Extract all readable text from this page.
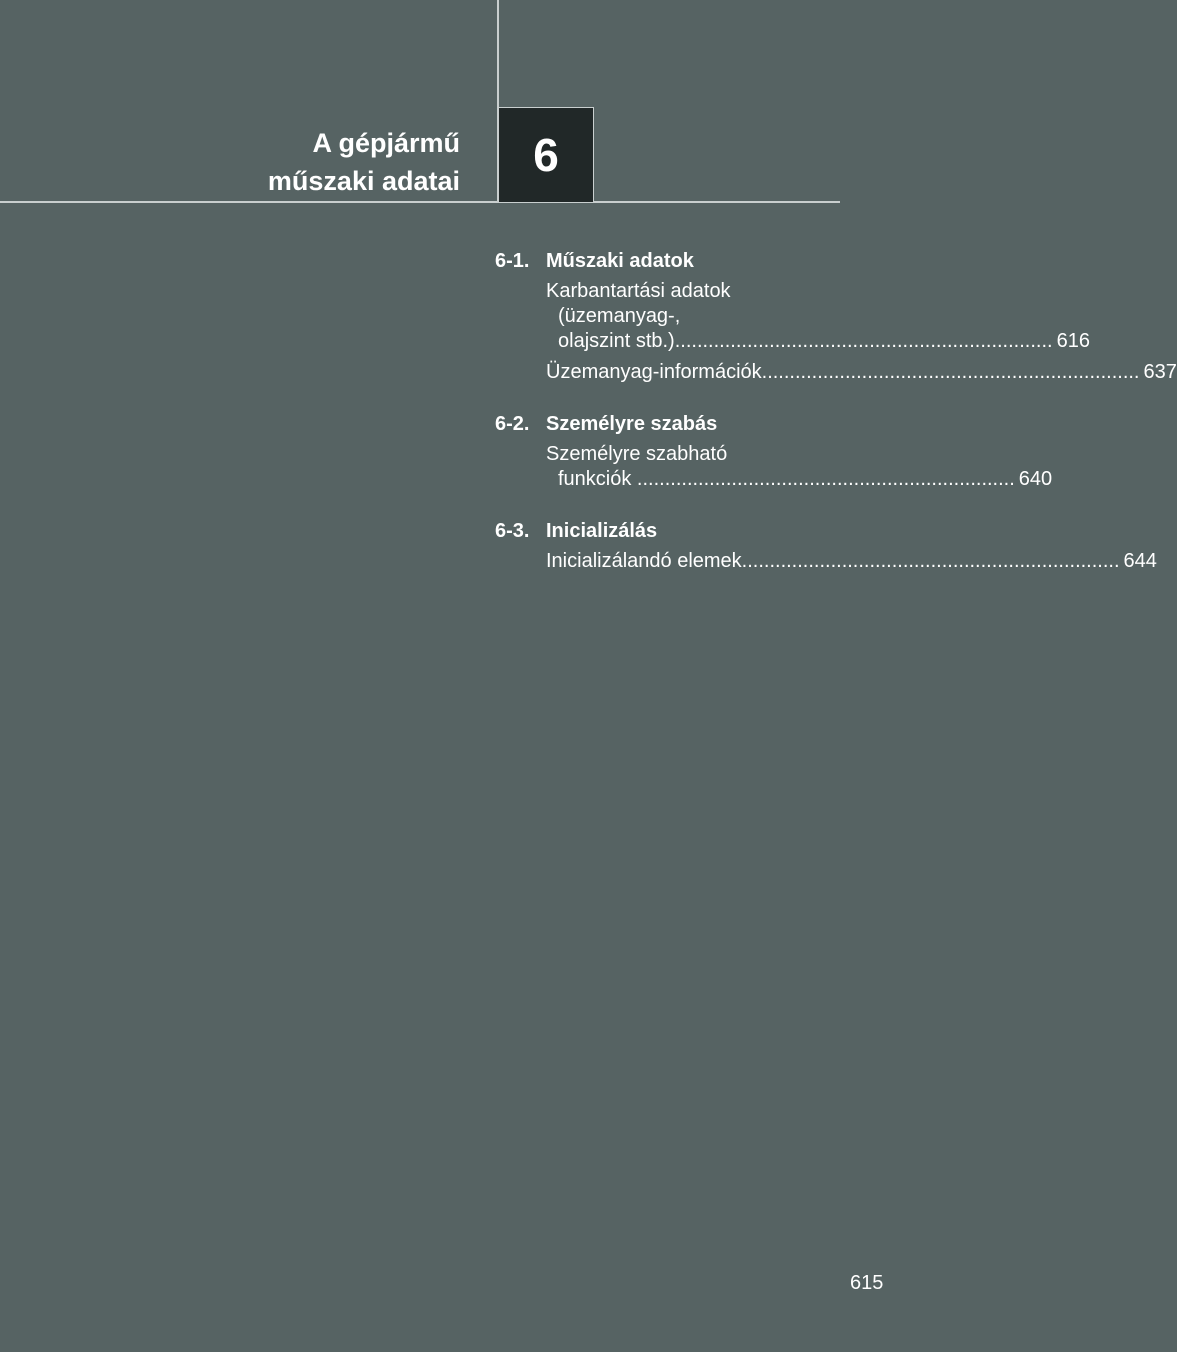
A gépjármű
műszaki adatai 6
6-1. Műszaki adatok
Karbantartási adatok
(üzemanyag-,
olajszint stb.) .................................................................... 616
Üzemanyag-információk .................................................................... 637
6-2. Személyre szabás
Személyre szabható
funkciók .................................................................... 640
6-3. Inicializálás
Inicializálandó elemek .................................................................... 644
615
